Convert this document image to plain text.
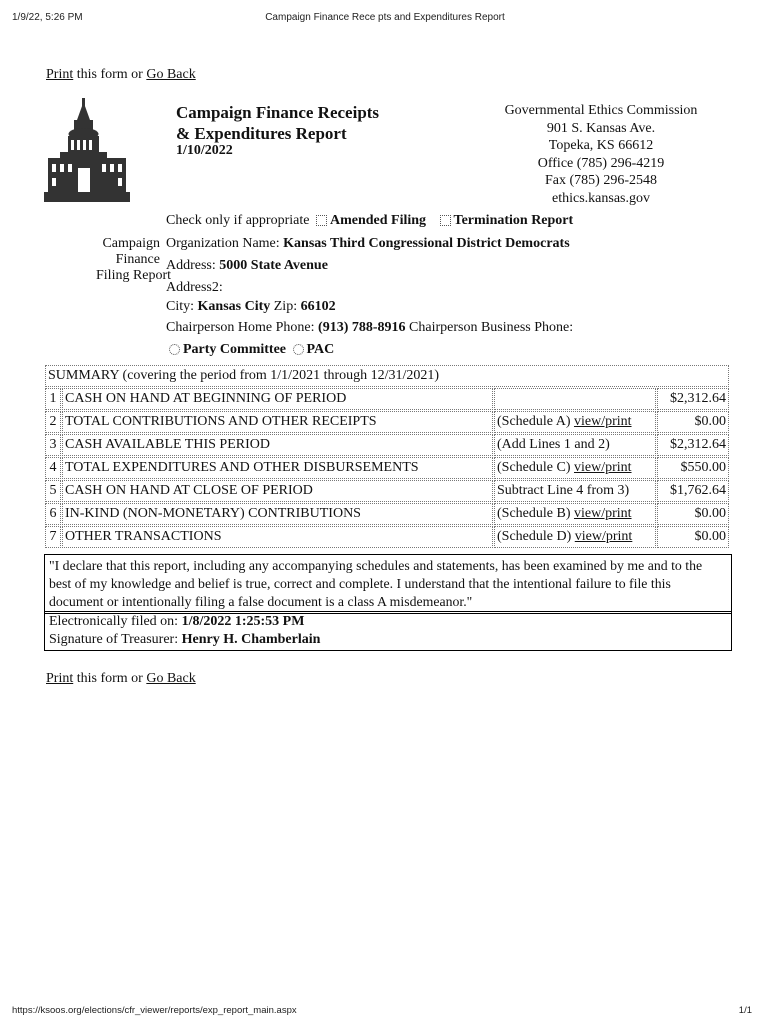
1/9/22, 5:26 PM	Campaign Finance Rece pts and Expenditures Report
Print this form or Go Back
Campaign Finance Receipts
& Expenditures Report
1/10/2022
Governmental Ethics Commission
901 S. Kansas Ave.
Topeka, KS 66612
Office (785) 296-4219
Fax (785) 296-2548
ethics.kansas.gov
Check only if appropriate Amended Filing Termination Report
Campaign
Finance
Filing Report
Organization Name: Kansas Third Congressional District Democrats
Address: 5000 State Avenue
Address2:
City: Kansas City Zip: 66102
Chairperson Home Phone: (913) 788-8916 Chairperson Business Phone:
Party Committee PAC
SUMMARY (covering the period from 1/1/2021 through 12/31/2021)			
1	CASH ON HAND AT BEGINNING OF PERIOD		$2,312.64
2	TOTAL CONTRIBUTIONS AND OTHER RECEIPTS	(Schedule A) view/print	$0.00
3	CASH AVAILABLE THIS PERIOD	(Add Lines 1 and 2)	$2,312.64
4	TOTAL EXPENDITURES AND OTHER DISBURSEMENTS	(Schedule C) view/print	$550.00
5	CASH ON HAND AT CLOSE OF PERIOD	Subtract Line 4 from 3)	$1,762.64
6	IN-KIND (NON-MONETARY) CONTRIBUTIONS	(Schedule B) view/print	$0.00
7	OTHER TRANSACTIONS	(Schedule D) view/print	$0.00
"I declare that this report, including any accompanying schedules and statements, has been examined by me and to the best of my knowledge and belief is true, correct and complete. I understand that the intentional failure to file this document or intentionally filing a false document is a class A misdemeanor."
Electronically filed on: 1/8/2022 1:25:53 PM
Signature of Treasurer: Henry H. Chamberlain
Print this form or Go Back
https://ksoos.org/elections/cfr_viewer/reports/exp_report_main.aspx	1/1
